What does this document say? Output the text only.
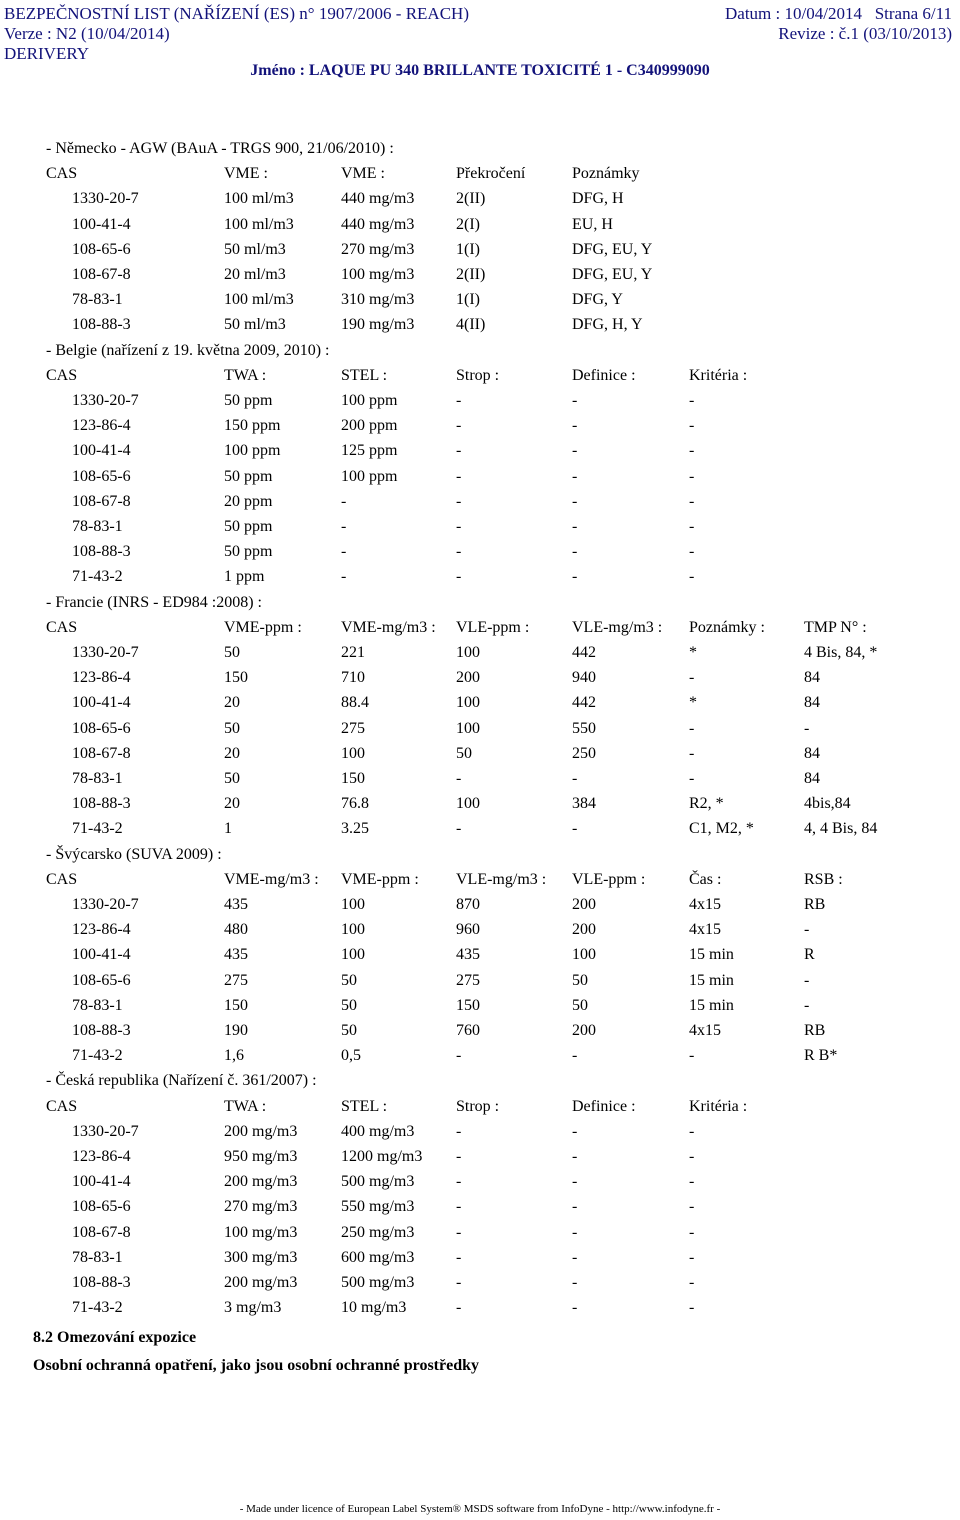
BEZPEČNOSTNÍ LIST (NAŘÍZENÍ (ES) n° 1907/2006 - REACH)	Datum : 10/04/2014 Strana 6/11
Verze : N2 (10/04/2014)	Revize : č.1 (03/10/2013)
DERIVERY
Jméno : LAQUE PU 340 BRILLANTE TOXICITÉ 1 - C340999090
- Německo - AGW (BAuA - TRGS 900, 21/06/2010) :
CAS	VME :	VME :	Překročení	Poznámky
1330-20-7	100 ml/m3	440 mg/m3	2(II)	DFG, H
100-41-4	100 ml/m3	440 mg/m3	2(I)	EU, H
108-65-6	50 ml/m3	270 mg/m3	1(I)	DFG, EU, Y
108-67-8	20 ml/m3	100 mg/m3	2(II)	DFG, EU, Y
78-83-1	100 ml/m3	310 mg/m3	1(I)	DFG, Y
108-88-3	50 ml/m3	190 mg/m3	4(II)	DFG, H, Y
- Belgie (nařízení z 19. května 2009, 2010) :
CAS	TWA :	STEL :	Strop :	Definice :	Kritéria :
1330-20-7	50 ppm	100 ppm	-	-	-
123-86-4	150 ppm	200 ppm	-	-	-
100-41-4	100 ppm	125 ppm	-	-	-
108-65-6	50 ppm	100 ppm	-	-	-
108-67-8	20 ppm	-	-	-	-
78-83-1	50 ppm	-	-	-	-
108-88-3	50 ppm	-	-	-	-
71-43-2	1 ppm	-	-	-	-
- Francie (INRS - ED984 :2008) :
CAS	VME-ppm : VME-mg/m3 : VLE-ppm :	VLE-mg/m3 : Poznámky : TMP N° :
1330-20-7	50	221	100	442	*	4 Bis, 84, *
123-86-4	150	710	200	940	-	84
100-41-4	20	88.4	100	442	*	84
108-65-6	50	275	100	550	-	-
108-67-8	20	100	50	250	-	84
78-83-1	50	150	-	-	-	84
108-88-3	20	76.8	100	384	R2, *	4bis,84
71-43-2	1	3.25	-	-	C1, M2, *	4, 4 Bis, 84
- Švýcarsko (SUVA 2009) :
CAS	VME-mg/m3 : VME-ppm : VLE-mg/m3 : VLE-ppm :	Čas :	RSB :
1330-20-7	435	100	870	200	4x15	RB
123-86-4	480	100	960	200	4x15	-
100-41-4	435	100	435	100	15 min	R
108-65-6	275	50	275	50	15 min	-
78-83-1	150	50	150	50	15 min	-
108-88-3	190	50	760	200	4x15	RB
71-43-2	1,6	0,5	-	-	-	R B*
- Česká republika (Nařízení č. 361/2007) :
CAS	TWA :	STEL :	Strop :	Definice :	Kritéria :
1330-20-7	200 mg/m3	400 mg/m3	-	-	-
123-86-4	950 mg/m3	1200 mg/m3 -	-	-
100-41-4	200 mg/m3	500 mg/m3	-	-	-
108-65-6	270 mg/m3	550 mg/m3	-	-	-
108-67-8	100 mg/m3	250 mg/m3	-	-	-
78-83-1	300 mg/m3	600 mg/m3	-	-	-
108-88-3	200 mg/m3	500 mg/m3	-	-	-
71-43-2	3 mg/m3	10 mg/m3	-	-	-
8.2 Omezování expozice
Osobní ochranná opatření, jako jsou osobní ochranné prostředky
- Made under licence of European Label System® MSDS software from InfoDyne - http://www.infodyne.fr -
